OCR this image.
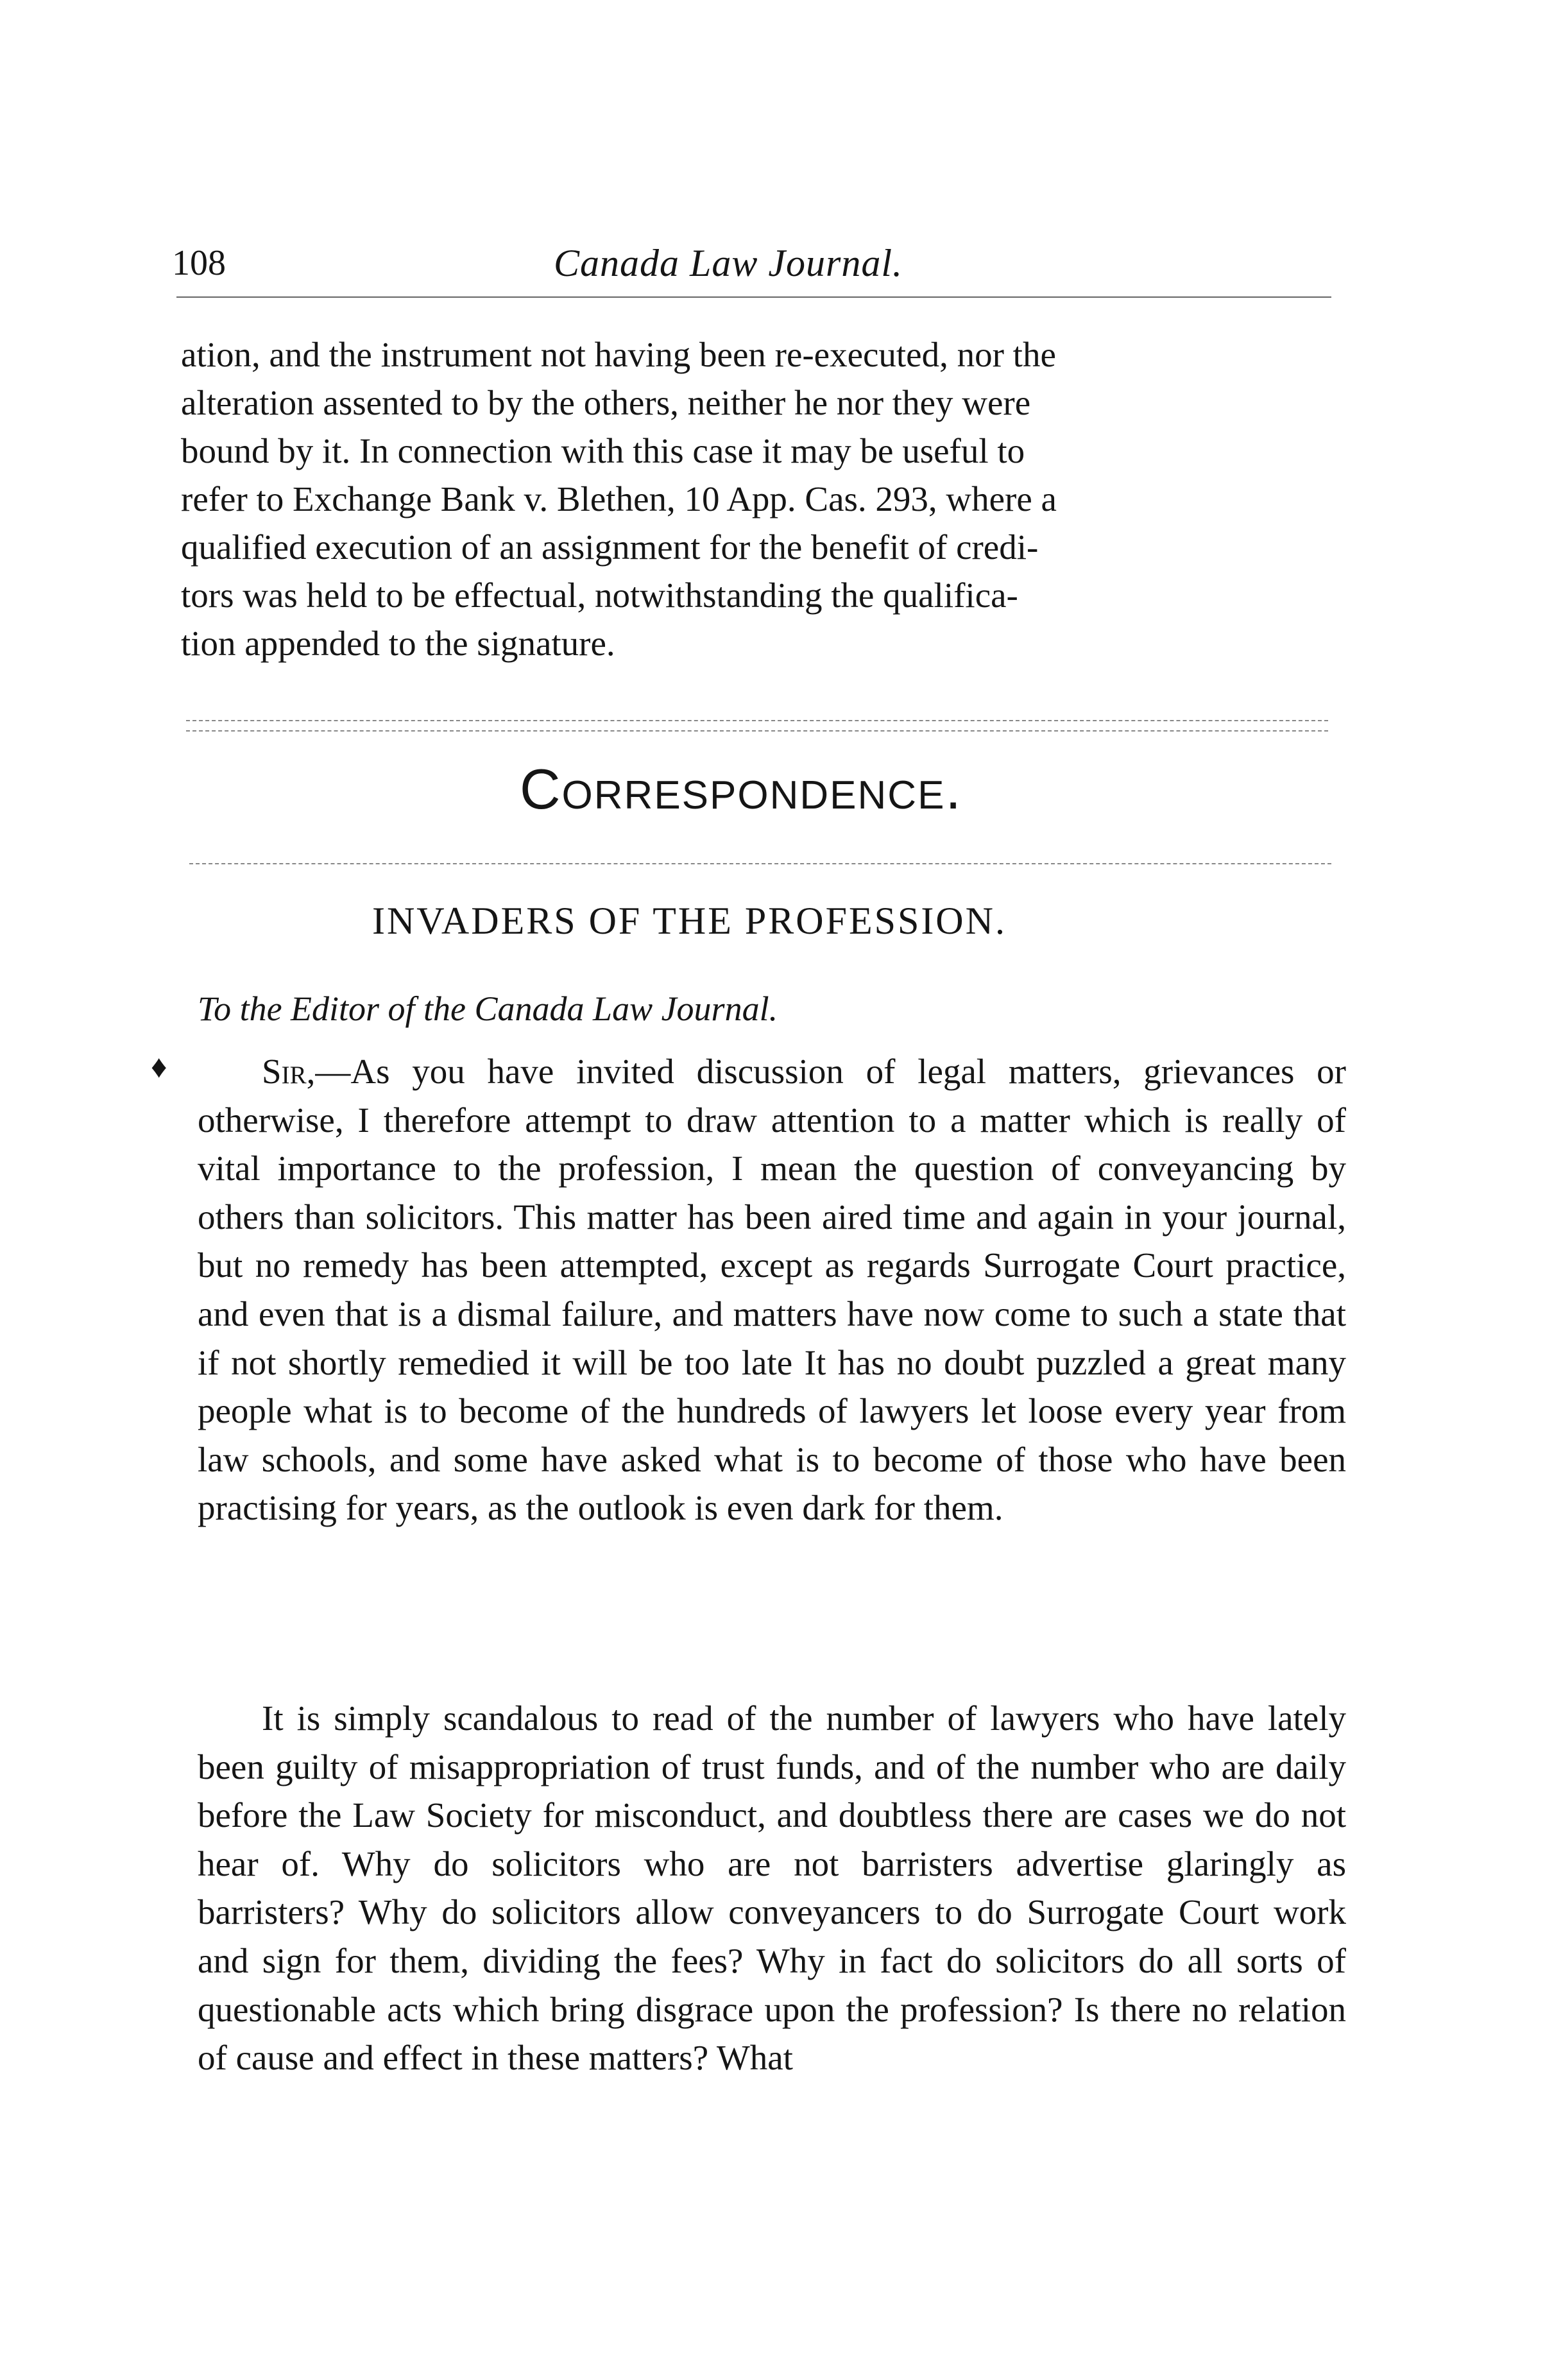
108	Canada Law Journal.
ation, and the instrument not having been re-executed, nor the
alteration assented to by the others, neither he nor they were
bound by it. In connection with this case it may be useful to
refer to Exchange Bank v. Blethen, 10 App. Cas. 293, where a
qualified execution of an assignment for the benefit of credi-
tors was held to be effectual, notwithstanding the qualifica-
tion appended to the signature.
Correspondence.
INVADERS OF THE PROFESSION.
To the Editor of the Canada Law Journal.
♦	Sir,—As you have invited discussion of legal matters, grievances or otherwise, I therefore attempt to draw attention to a matter which is really of vital importance to the profession, I mean the question of conveyancing by others than solicitors. This matter has been aired time and again in your journal, but no remedy has been attempted, except as regards Surrogate Court practice, and even that is a dismal failure, and matters have now come to such a state that if not shortly remedied it will be too late It has no doubt puzzled a great many people what is to become of the hundreds of lawyers let loose every year from law schools, and some have asked what is to become of those who have been practising for years, as the outlook is even dark for them.

It is simply scandalous to read of the number of lawyers who have lately been guilty of misappropriation of trust funds, and of the number who are daily before the Law Society for misconduct, and doubtless there are cases we do not hear of. Why do solicitors who are not barristers advertise glaringly as barristers? Why do solicitors allow conveyancers to do Surrogate Court work and sign for them, dividing the fees? Why in fact do solicitors do all sorts of questionable acts which bring disgrace upon the profession? Is there no relation of cause and effect in these matters? What
